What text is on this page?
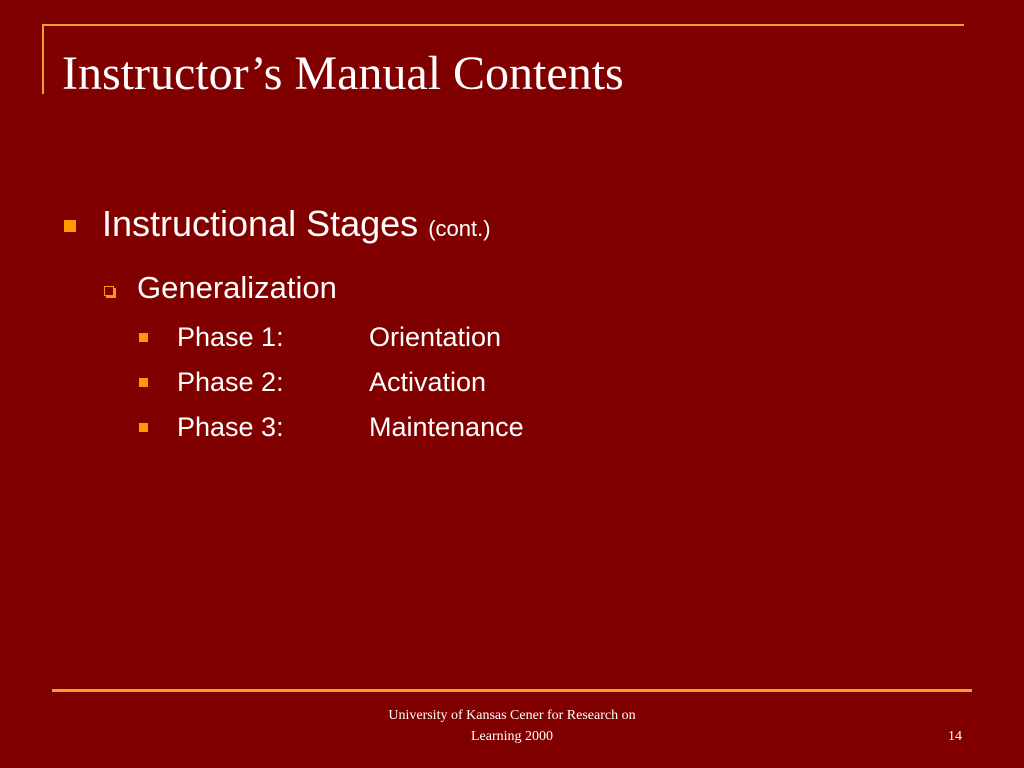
Instructor’s Manual Contents
Instructional Stages (cont.)
Generalization
Phase 1:	Orientation
Phase 2:	Activation
Phase 3:	Maintenance
University of Kansas Cener for Research on
Learning 2000	14
